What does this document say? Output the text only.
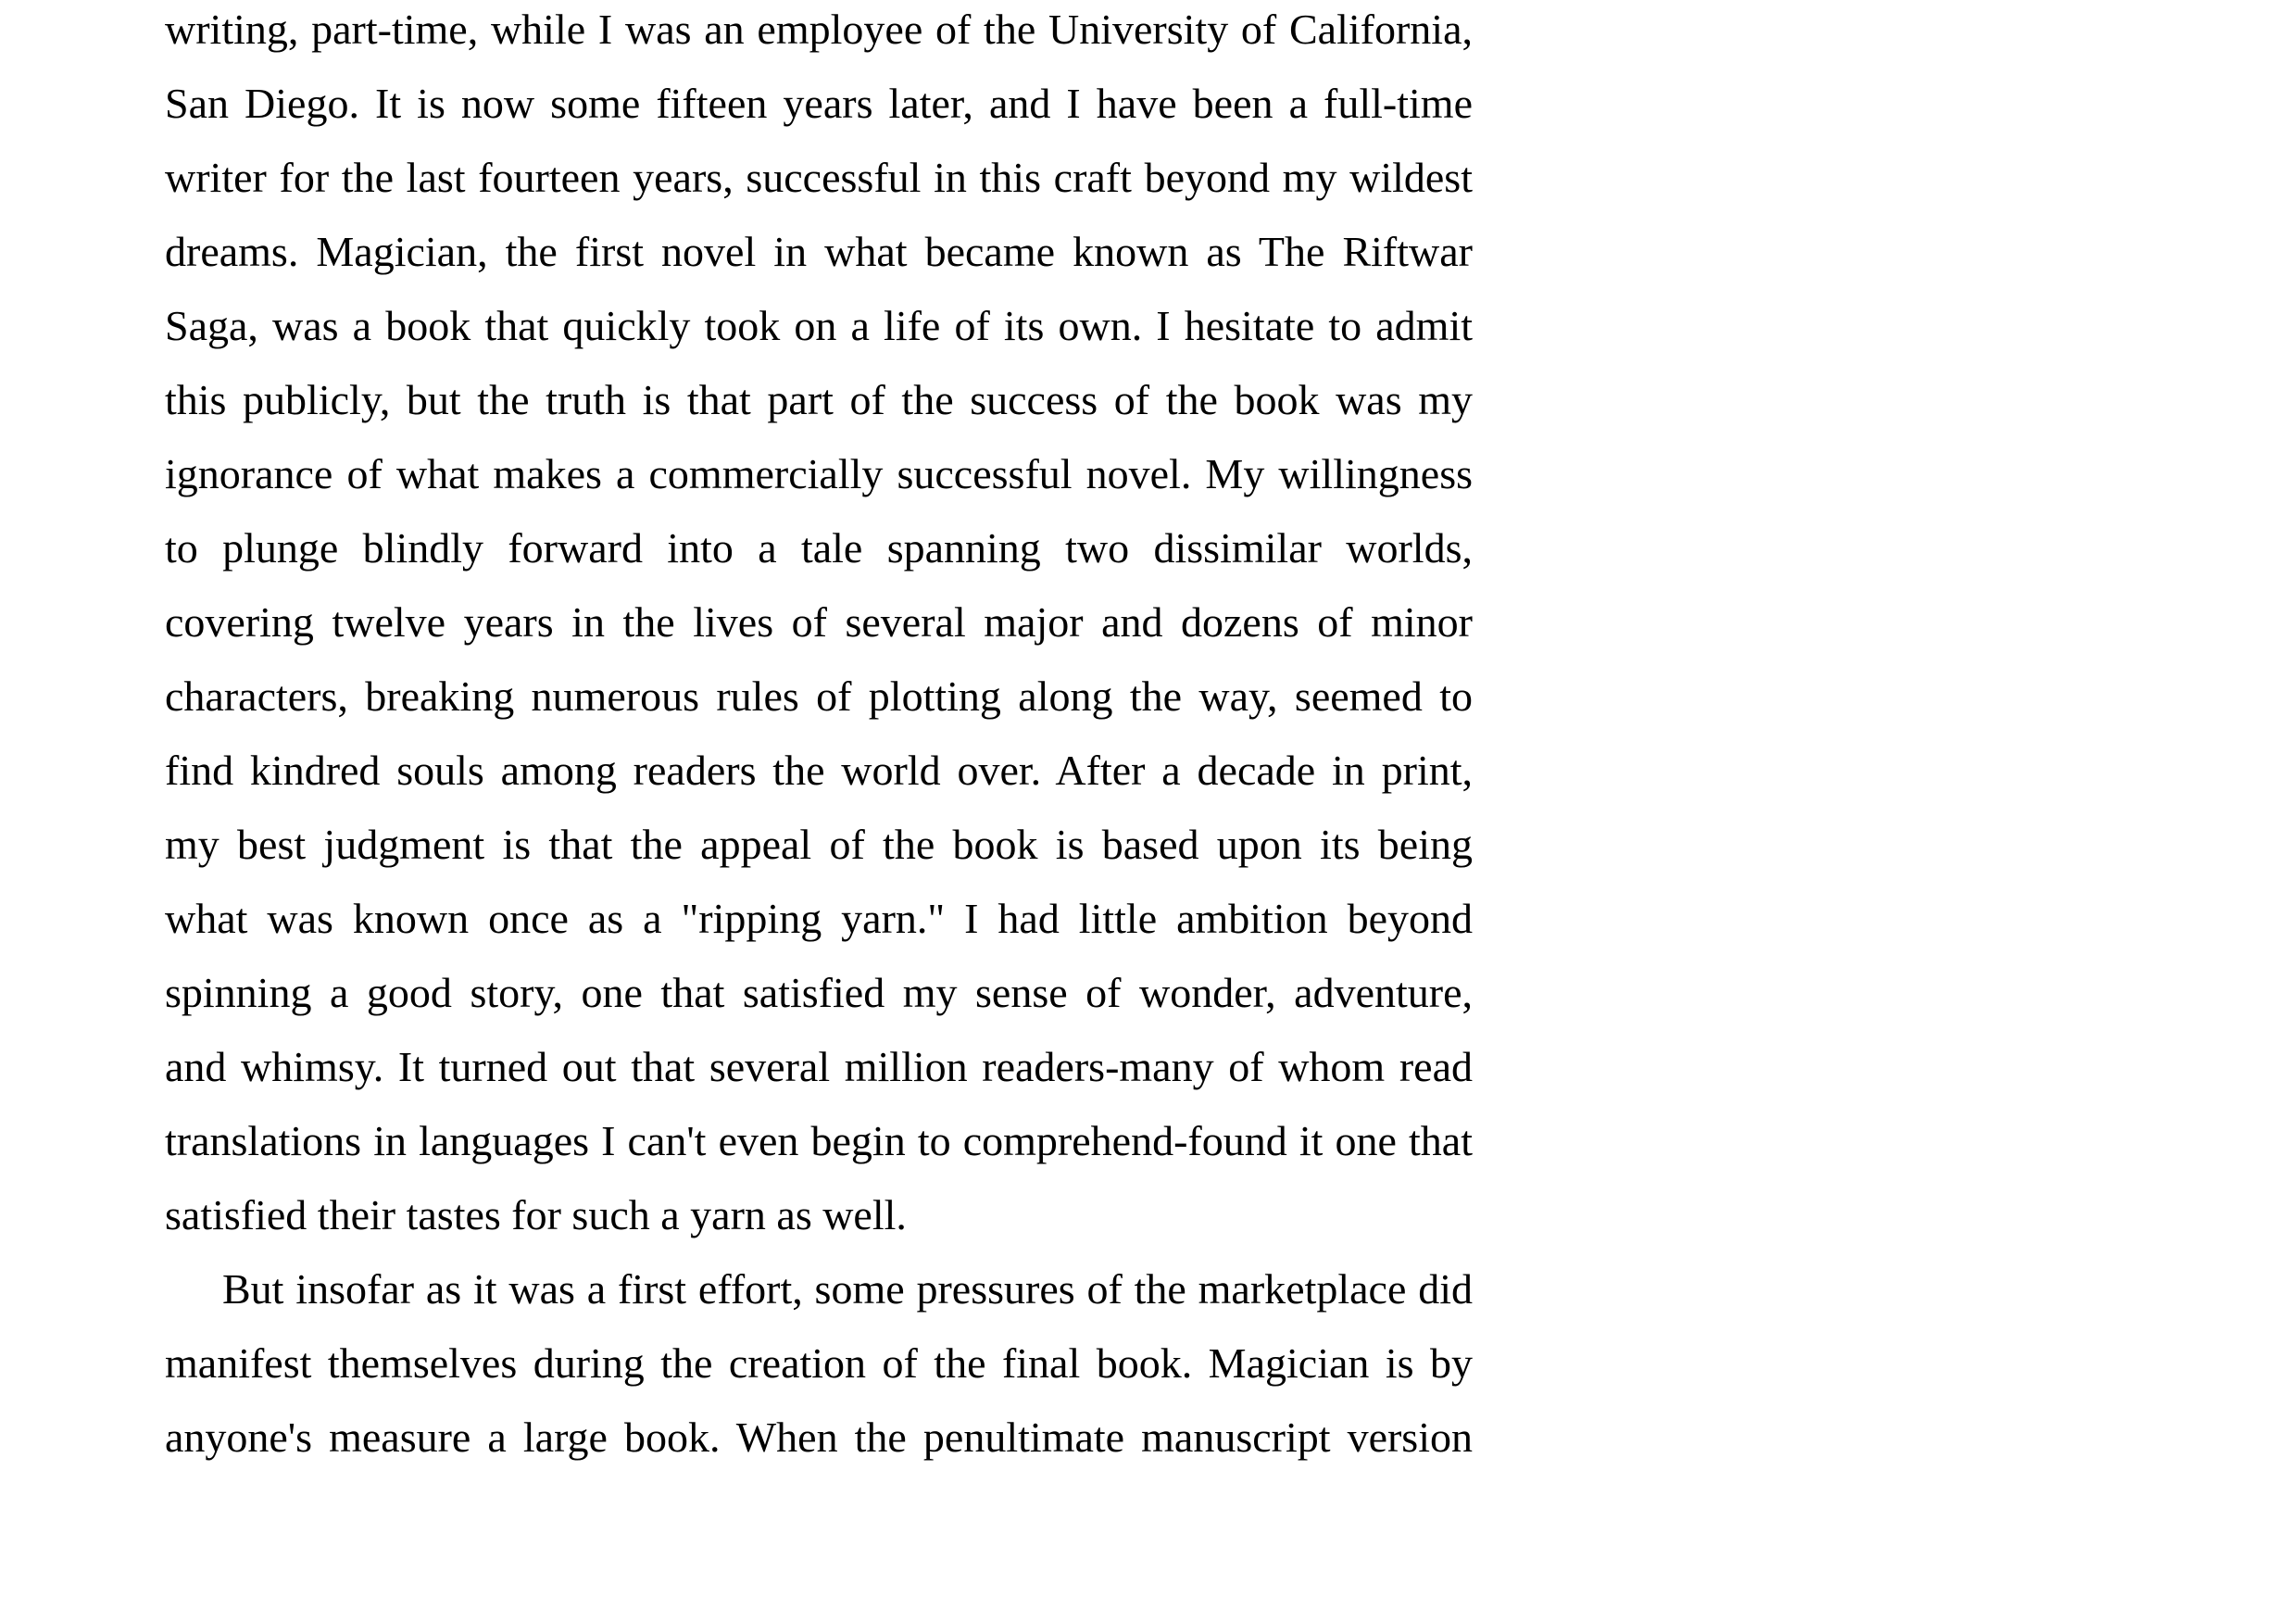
writing, part-time, while I was an employee of the University of California,
San Diego. It is now some fifteen years later, and I have been a full-time
writer for the last fourteen years, successful in this craft beyond my wildest
dreams. Magician, the first novel in what became known as The Riftwar
Saga, was a book that quickly took on a life of its own. I hesitate to admit
this publicly, but the truth is that part of the success of the book was my
ignorance of what makes a commercially successful novel. My willingness
to plunge blindly forward into a tale spanning two dissimilar worlds,
covering twelve years in the lives of several major and dozens of minor
characters, breaking numerous rules of plotting along the way, seemed to
find kindred souls among readers the world over. After a decade in print,
my best judgment is that the appeal of the book is based upon its being
what was known once as a "ripping yarn." I had little ambition beyond
spinning a good story, one that satisfied my sense of wonder, adventure,
and whimsy. It turned out that several million readers-many of whom read
translations in languages I can't even begin to comprehend-found it one that
satisfied their tastes for such a yarn as well.
But insofar as it was a first effort, some pressures of the marketplace did
manifest themselves during the creation of the final book. Magician is by
anyone's measure a large book. When the penultimate manuscript version
